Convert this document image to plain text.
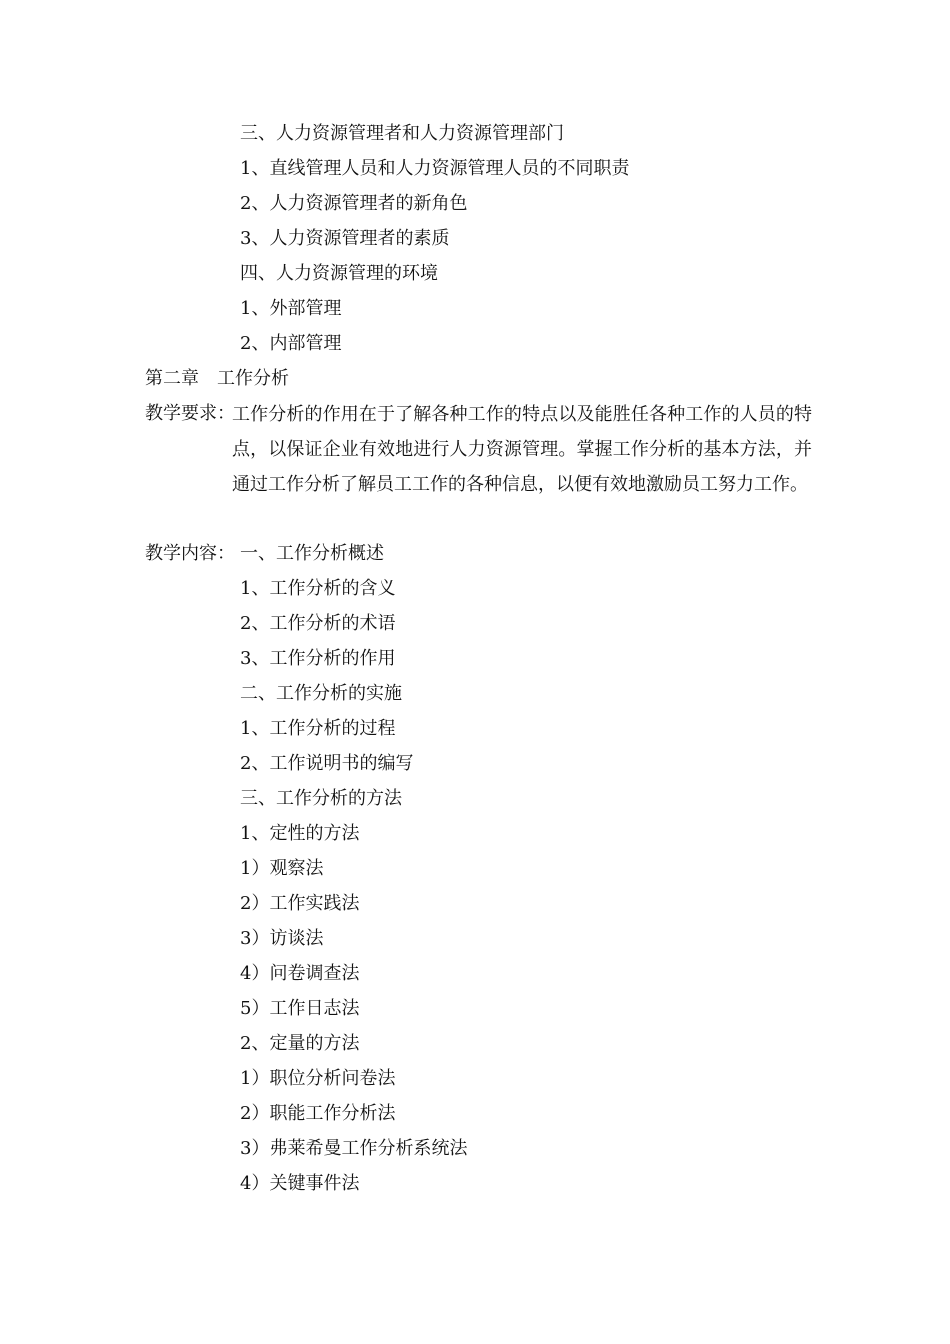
三、人力资源管理者和人力资源管理部门
1、直线管理人员和人力资源管理人员的不同职责
2、人力资源管理者的新角色
3、人力资源管理者的素质
四、人力资源管理的环境
1、外部管理
2、内部管理
第二章　工作分析
教学要求：
工作分析的作用在于了解各种工作的特点以及能胜任各种工作的人员的特点，以保证企业有效地进行人力资源管理。掌握工作分析的基本方法，并通过工作分析了解员工工作的各种信息，以便有效地激励员工努力工作。
教学内容： 一、工作分析概述
1、工作分析的含义
2、工作分析的术语
3、工作分析的作用
二、工作分析的实施
1、工作分析的过程
2、工作说明书的编写
三、工作分析的方法
1、定性的方法
1）观察法
2）工作实践法
3）访谈法
4）问卷调查法
5）工作日志法
2、定量的方法
1）职位分析问卷法
2）职能工作分析法
3）弗莱希曼工作分析系统法
4）关键事件法
